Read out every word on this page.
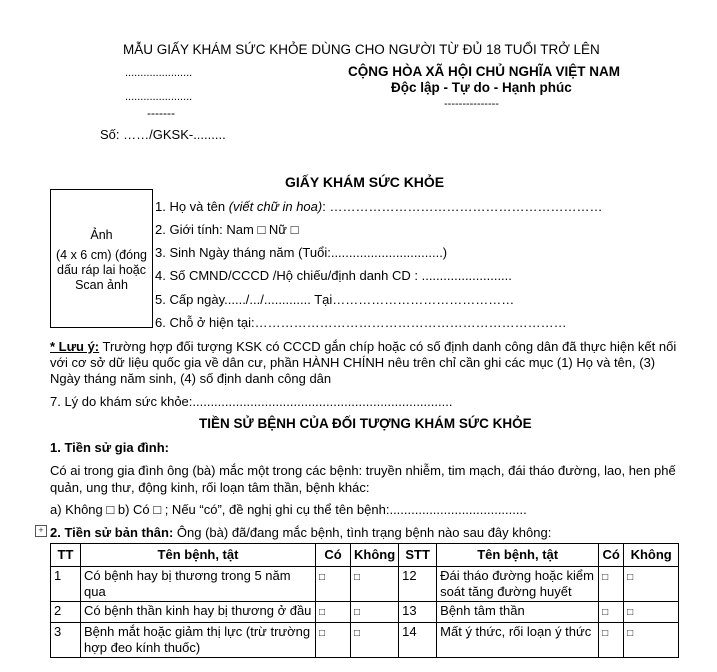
MẪU GIẤY KHÁM SỨC KHỎE DÙNG CHO NGƯỜI TỪ ĐỦ 18 TUỔI TRỞ LÊN
......................
......................
-------
Số: ……/GKSK-.........
CỘNG HÒA XÃ HỘI CHỦ NGHĨA VIỆT NAM
Độc lập - Tự do - Hạnh phúc
---------------
GIẤY KHÁM SỨC KHỎE
Ảnh
(4 x 6 cm) (đóng
dấu ráp lai hoặc
Scan ảnh
1. Họ và tên (viết chữ in hoa): ………………………………………………………
2. Giới tính: Nam □ Nữ □
3. Sinh Ngày tháng năm (Tuổi:...............................)
4. Số CMND/CCCD /Hộ chiếu/định danh CD : .........................
5. Cấp ngày....../.../............. Tại……………………………………
6. Chỗ ở hiện tại:………………………………………………………………
* Lưu ý: Trường hợp đối tượng KSK có CCCD gắn chíp hoặc có số định danh công dân đã thực hiện kết nối với cơ sở dữ liệu quốc gia về dân cư, phần HÀNH CHÍNH nêu trên chỉ cần ghi các mục (1) Họ và tên, (3) Ngày tháng năm sinh, (4) số định danh công dân
7. Lý do khám sức khỏe:........................................................................
TIỀN SỬ BỆNH CỦA ĐỐI TƯỢNG KHÁM SỨC KHỎE
1. Tiền sử gia đình:
Có ai trong gia đình ông (bà) mắc một trong các bệnh: truyền nhiễm, tim mạch, đái tháo đường, lao, hen phế quản, ung thư, động kinh, rối loạn tâm thần, bệnh khác:
a) Không □ b) Có □ ; Nếu “có”, đề nghị ghi cụ thể tên bệnh:......................................
+ 2. Tiền sử bản thân: Ông (bà) đã/đang mắc bệnh, tình trạng bệnh nào sau đây không:
TT	Tên bệnh, tật	Có	Không	STT	Tên bệnh, tật	Có	Không
1	Có bệnh hay bị thương trong 5 năm qua	□	□	12	Đái tháo đường hoặc kiểm soát tăng đường huyết	□	□
2	Có bệnh thần kinh hay bị thương ở đầu	□	□	13	Bệnh tâm thần	□	□
3	Bệnh mắt hoặc giảm thị lực (trừ trường hợp đeo kính thuốc)	□	□	14	Mất ý thức, rối loạn ý thức	□	□
